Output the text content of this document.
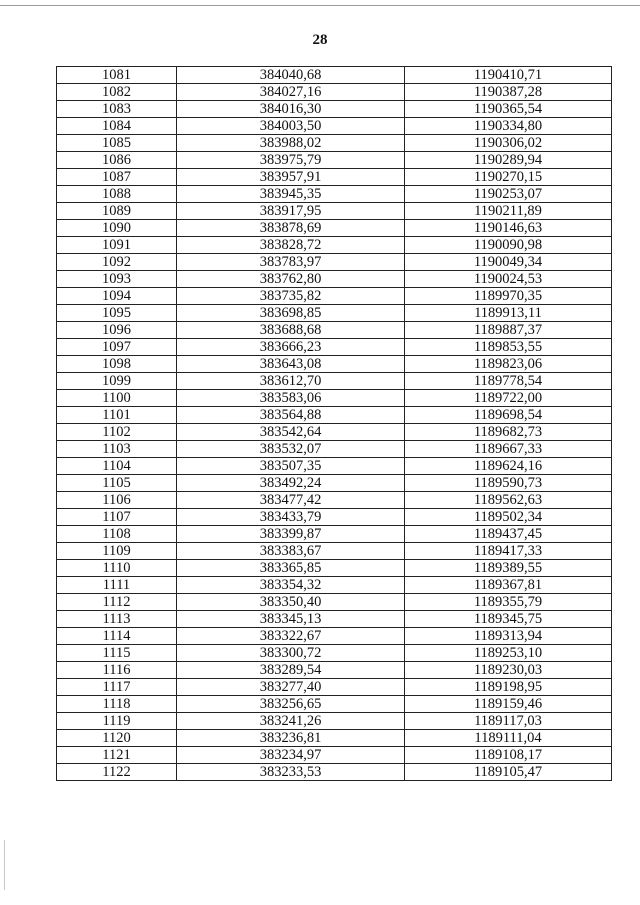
28
1081	384040,68	1190410,71
1082	384027,16	1190387,28
1083	384016,30	1190365,54
1084	384003,50	1190334,80
1085	383988,02	1190306,02
1086	383975,79	1190289,94
1087	383957,91	1190270,15
1088	383945,35	1190253,07
1089	383917,95	1190211,89
1090	383878,69	1190146,63
1091	383828,72	1190090,98
1092	383783,97	1190049,34
1093	383762,80	1190024,53
1094	383735,82	1189970,35
1095	383698,85	1189913,11
1096	383688,68	1189887,37
1097	383666,23	1189853,55
1098	383643,08	1189823,06
1099	383612,70	1189778,54
1100	383583,06	1189722,00
1101	383564,88	1189698,54
1102	383542,64	1189682,73
1103	383532,07	1189667,33
1104	383507,35	1189624,16
1105	383492,24	1189590,73
1106	383477,42	1189562,63
1107	383433,79	1189502,34
1108	383399,87	1189437,45
1109	383383,67	1189417,33
1110	383365,85	1189389,55
1111	383354,32	1189367,81
1112	383350,40	1189355,79
1113	383345,13	1189345,75
1114	383322,67	1189313,94
1115	383300,72	1189253,10
1116	383289,54	1189230,03
1117	383277,40	1189198,95
1118	383256,65	1189159,46
1119	383241,26	1189117,03
1120	383236,81	1189111,04
1121	383234,97	1189108,17
1122	383233,53	1189105,47
